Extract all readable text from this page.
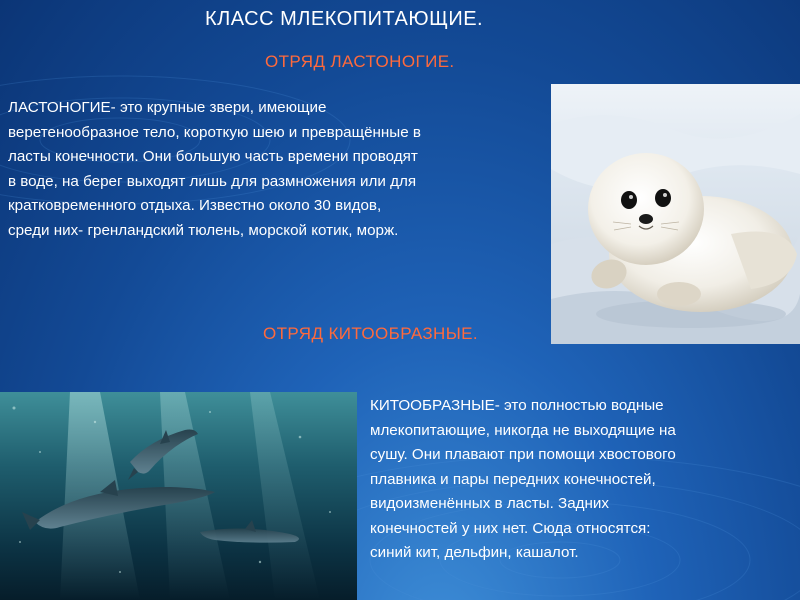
КЛАСС МЛЕКОПИТАЮЩИЕ.
ОТРЯД ЛАСТОНОГИЕ.
ЛАСТОНОГИЕ- это крупные звери, имеющие
веретенообразное тело, короткую шею и превращённые в
ласты конечности. Они большую часть времени проводят
в воде, на берег выходят лишь для размножения или для
кратковременного отдыха. Известно около 30 видов,
среди них- гренландский тюлень, морской котик, морж.
ОТРЯД КИТООБРАЗНЫЕ.
КИТООБРАЗНЫЕ- это полностью водные
млекопитающие, никогда не выходящие на
сушу. Они плавают при помощи хвостового
плавника и пары передних конечностей,
видоизменённых в ласты. Задних
конечностей у них нет. Сюда относятся:
синий кит, дельфин, кашалот.
